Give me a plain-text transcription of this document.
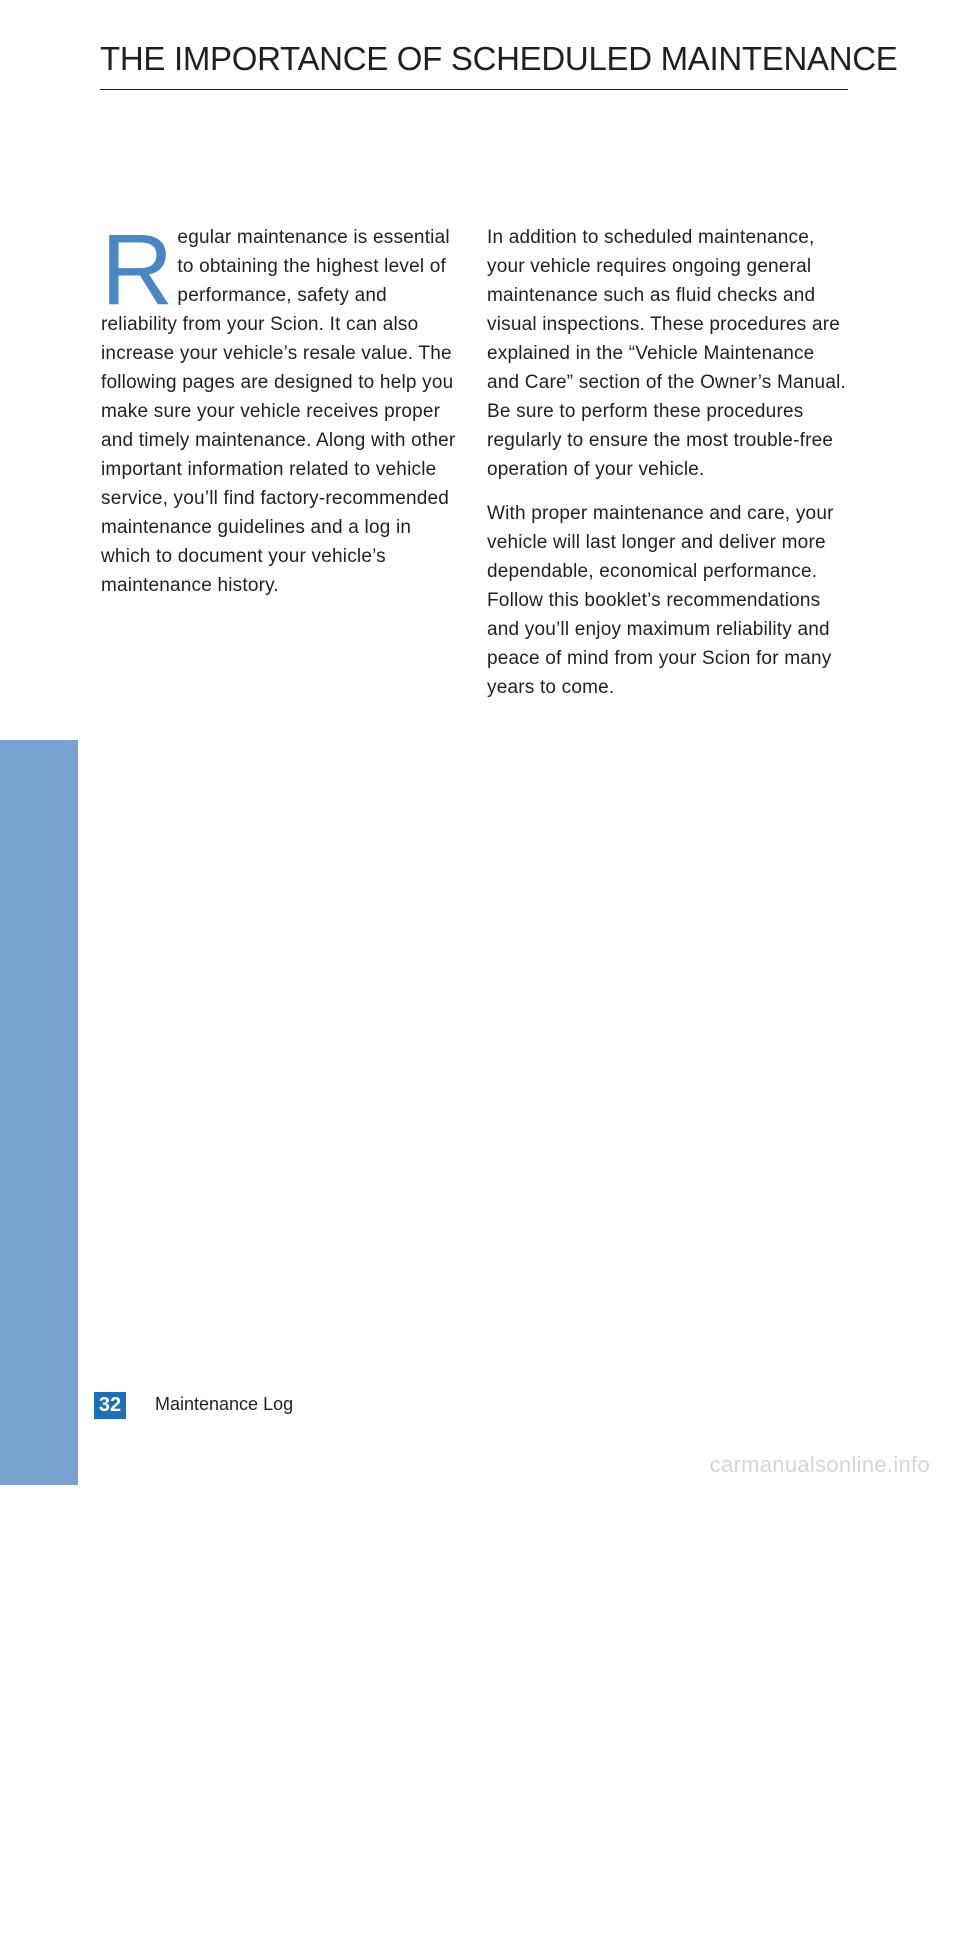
THE IMPORTANCE OF SCHEDULED MAINTENANCE

Regular maintenance is essential to obtaining the highest level of performance, safety and reliability from your Scion. It can also increase your vehicle’s resale value. The following pages are designed to help you make sure your vehicle receives proper and timely maintenance. Along with other important information related to vehicle service, you’ll find factory-recommended maintenance guidelines and a log in which to document your vehicle’s maintenance history.

In addition to scheduled maintenance, your vehicle requires ongoing general maintenance such as fluid checks and visual inspections. These procedures are explained in the “Vehicle Maintenance and Care” section of the Owner’s Manual. Be sure to perform these procedures regularly to ensure the most trouble-free operation of your vehicle.

With proper maintenance and care, your vehicle will last longer and deliver more dependable, economical performance. Follow this booklet’s recommendations and you’ll enjoy maximum reliability and peace of mind from your Scion for many years to come.

MAINTENANCE
32 Maintenance Log
carmanualsonline.info
